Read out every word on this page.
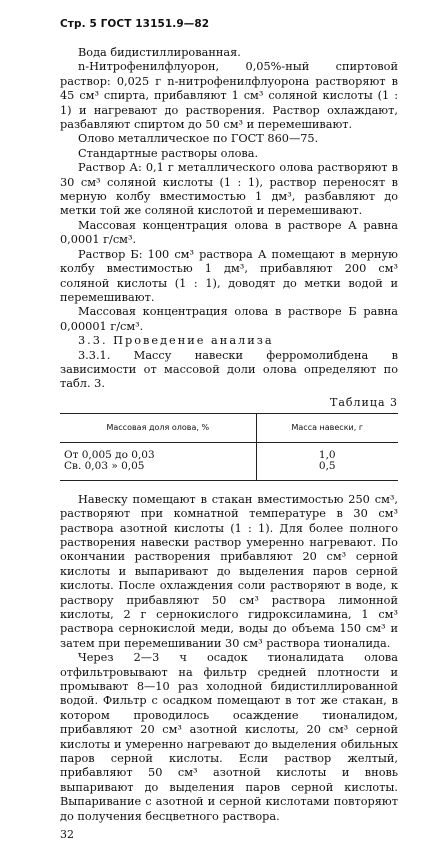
Стр. 5 ГОСТ 13151.9—82

Вода бидистиллированная.

n-Нитрофенилфлуорон, 0,05%-ный спиртовой раствор: 0,025 г n-нитрофенилфлуорона растворяют в 45 см³ спирта, прибавляют 1 см³ соляной кислоты (1 : 1) и нагревают до растворения. Раствор охлаждают, разбавляют спиртом до 50 см³ и перемешивают.

Олово металлическое по ГОСТ 860—75.

Стандартные растворы олова.

Раствор А: 0,1 г металлического олова растворяют в 30 см³ соляной кислоты (1 : 1), раствор переносят в мерную колбу вместимостью 1 дм³, разбавляют до метки той же соляной кислотой и перемешивают.

Массовая концентрация олова в растворе А равна 0,0001 г/см³.

Раствор Б: 100 см³ раствора А помещают в мерную колбу вместимостью 1 дм³, прибавляют 200 см³ соляной кислоты (1 : 1), доводят до метки водой и перемешивают.

Массовая концентрация олова в растворе Б равна 0,00001 г/см³.

3.3. Проведение анализа

3.3.1. Массу навески ферромолибдена в зависимости от массовой доли олова определяют по табл. 3.

Таблица 3
Массовая доля олова, %	Масса навески, г
От 0,005 до 0,03	1,0
Св. 0,03 » 0,05	0,5

Навеску помещают в стакан вместимостью 250 см³, растворяют при комнатной температуре в 30 см³ раствора азотной кислоты (1 : 1). Для более полного растворения навески раствор умеренно нагревают. По окончании растворения прибавляют 20 см³ серной кислоты и выпаривают до выделения паров серной кислоты. После охлаждения соли растворяют в воде, к раствору прибавляют 50 см³ раствора лимонной кислоты, 2 г сернокислого гидроксиламина, 1 см³ раствора сернокислой меди, воды до объема 150 см³ и затем при перемешивании 30 см³ раствора тионалида.

Через 2—3 ч осадок тионалидата олова отфильтровывают на фильтр средней плотности и промывают 8—10 раз холодной бидистиллированной водой. Фильтр с осадком помещают в тот же стакан, в котором проводилось осаждение тионалидом, прибавляют 20 см³ азотной кислоты, 20 см³ серной кислоты и умеренно нагревают до выделения обильных паров серной кислоты. Если раствор желтый, прибавляют 50 см³ азотной кислоты и вновь выпаривают до выделения паров серной кислоты. Выпаривание с азотной и серной кислотами повторяют до получения бесцветного раствора.

32
